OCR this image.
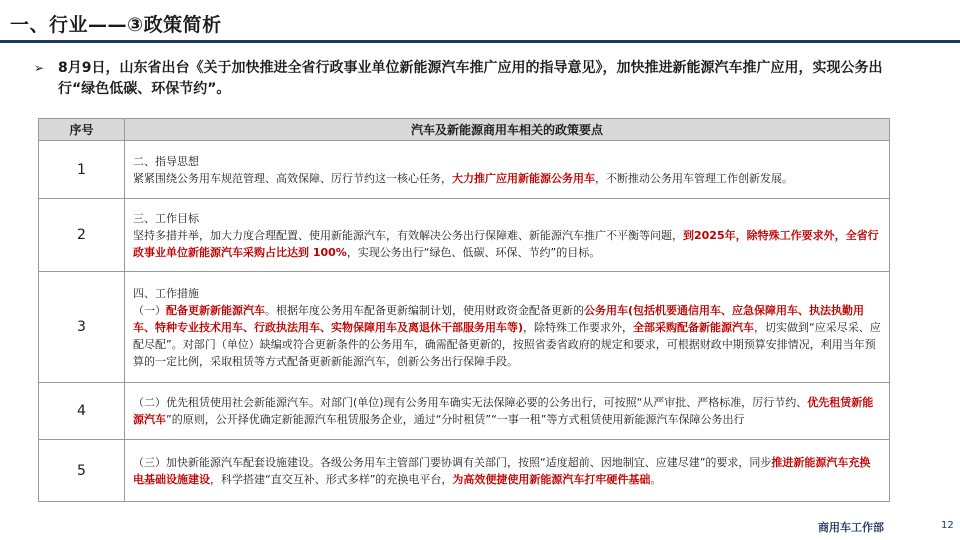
一、行业——③政策简析
➢ 8月9日，山东省出台《关于加快推进全省行政事业单位新能源汽车推广应用的指导意见》，加快推进新能源汽车推广应用，实现公务出行“绿色低碳、环保节约”。
序号	汽车及新能源商用车相关的政策要点
1	二、指导思想
紧紧围绕公务用车规范管理、高效保障、厉行节约这一核心任务，大力推广应用新能源公务用车，不断推动公务用车管理工作创新发展。
2	三、工作目标
坚持多措并举，加大力度合理配置、使用新能源汽车，有效解决公务出行保障难、新能源汽车推广不平衡等问题，到2025年，除特殊工作要求外，全省行政事业单位新能源汽车采购占比达到 100%，实现公务出行“绿色、低碳、环保、节约”的目标。
3	四、工作措施
（一）配备更新新能源汽车。根据年度公务用车配备更新编制计划，使用财政资金配备更新的公务用车(包括机要通信用车、应急保障用车、执法执勤用车、特种专业技术用车、行政执法用车、实物保障用车及离退休干部服务用车等)，除特殊工作要求外，全部采购配备新能源汽车，切实做到“应采尽采、应配尽配”。对部门（单位）缺编或符合更新条件的公务用车，确需配备更新的，按照省委省政府的规定和要求，可根据财政中期预算安排情况，利用当年预算的一定比例，采取租赁等方式配备更新新能源汽车，创新公务出行保障手段。
4	（二）优先租赁使用社会新能源汽车。对部门(单位)现有公务用车确实无法保障必要的公务出行，可按照“从严审批、严格标准，厉行节约、优先租赁新能源汽车”的原则，公开择优确定新能源汽车租赁服务企业，通过“分时租赁”“一事一租”等方式租赁使用新能源汽车保障公务出行
5	（三）加快新能源汽车配套设施建设。各级公务用车主管部门要协调有关部门，按照“适度超前、因地制宜、应建尽建”的要求，同步推进新能源汽车充换电基础设施建设，科学搭建“直交互补、形式多样”的充换电平台，为高效便捷使用新能源汽车打牢硬件基础。
商用车工作部	12
